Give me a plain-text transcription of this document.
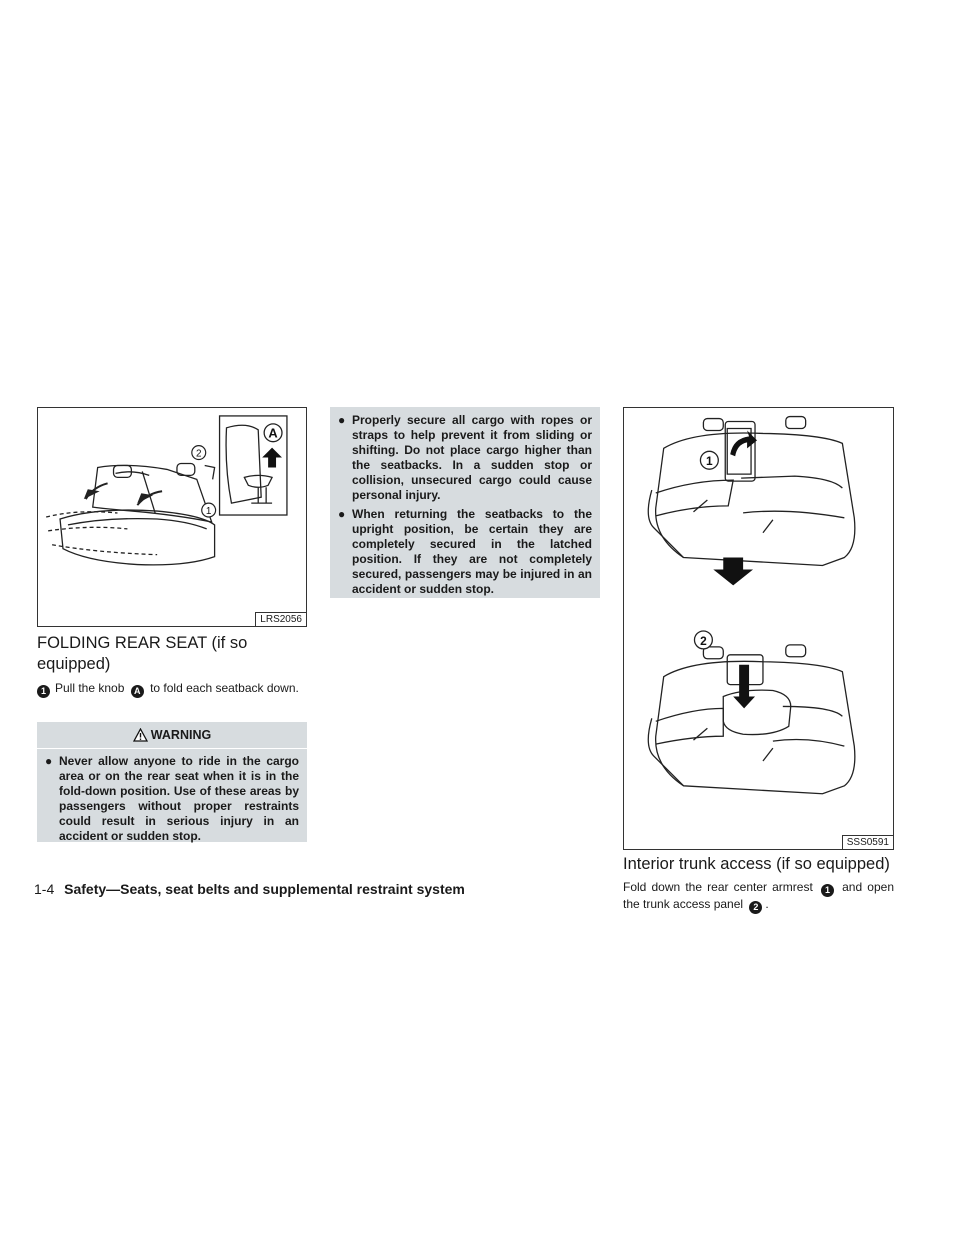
A
2
1
LRS2056
FOLDING REAR SEAT (if so equipped)
1 Pull the knob A to fold each seatback down.
WARNING
● Never allow anyone to ride in the cargo area or on the rear seat when it is in the fold-down position. Use of these areas by passengers without proper restraints could result in serious injury in an accident or sudden stop.
● Properly secure all cargo with ropes or straps to help prevent it from sliding or shifting. Do not place cargo higher than the seatbacks. In a sudden stop or collision, unsecured cargo could cause personal injury.
● When returning the seatbacks to the upright position, be certain they are completely secured in the latched position. If they are not completely secured, passengers may be injured in an accident or sudden stop.
1
2
SSS0591
Interior trunk access (if so equipped)
Fold down the rear center armrest 1 and open the trunk access panel 2 .
1-4 Safety—Seats, seat belts and supplemental restraint system
